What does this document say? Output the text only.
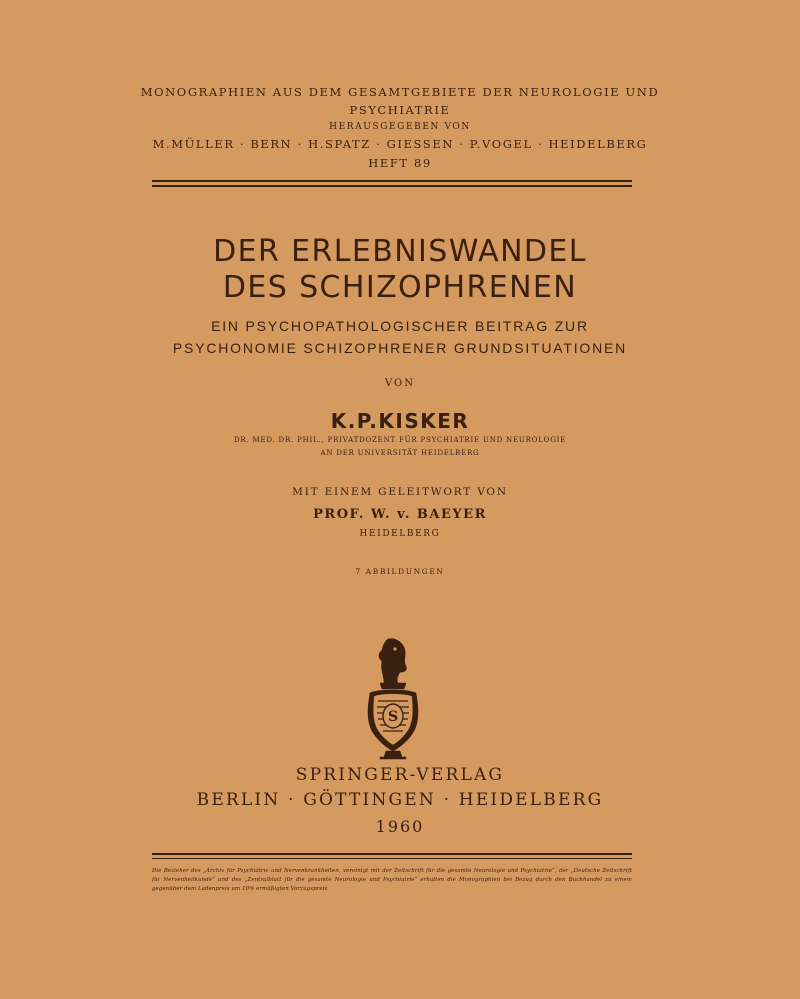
MONOGRAPHIEN AUS DEM GESAMTGEBIETE DER NEUROLOGIE UND
PSYCHIATRIE
HERAUSGEGEBEN VON
M.MÜLLER · BERN · H.SPATZ · GIESSEN · P.VOGEL · HEIDELBERG
HEFT 89
DER ERLEBNISWANDEL
DES SCHIZOPHRENEN
EIN PSYCHOPATHOLOGISCHER BEITRAG ZUR
PSYCHONOMIE SCHIZOPHRENER GRUNDSITUATIONEN
VON
K.P.KISKER
DR. MED. DR. PHIL., PRIVATDOZENT FÜR PSYCHIATRIE UND NEUROLOGIE
AN DER UNIVERSITÄT HEIDELBERG
MIT EINEM GELEITWORT VON
PROF. W. v. BAEYER
HEIDELBERG
7 ABBILDUNGEN
S
SPRINGER-VERLAG
BERLIN · GÖTTINGEN · HEIDELBERG
1960
Die Bezieher des „Archiv für Psychiatrie und Nervenkrankheiten, vereinigt mit der Zeitschrift für die gesamte Neurologie und Psychiatrie“, der „Deutsche Zeitschrift für Nervenheilkunde“ und des „Zentralblatt für die gesamte Neurologie und Psychiatrie“ erhalten die Monographien bei Bezug durch den Buchhandel zu einem gegenüber dem Ladenpreis um 10% ermäßigten Vorzugspreis
